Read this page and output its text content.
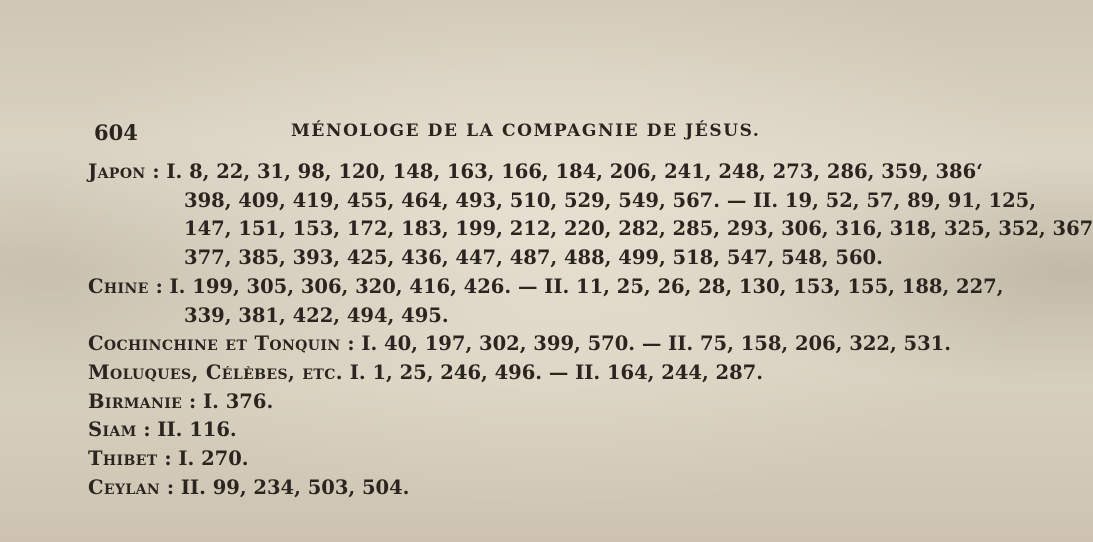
604	MÉNOLOGE DE LA COMPAGNIE DE JÉSUS.
Japon : I. 8, 22, 31, 98, 120, 148, 163, 166, 184, 206, 241, 248, 273, 286, 359, 386‘
398, 409, 419, 455, 464, 493, 510, 529, 549, 567. — II. 19, 52, 57, 89, 91, 125,
147, 151, 153, 172, 183, 199, 212, 220, 282, 285, 293, 306, 316, 318, 325, 352, 367
377, 385, 393, 425, 436, 447, 487, 488, 499, 518, 547, 548, 560.
Chine : I. 199, 305, 306, 320, 416, 426. — II. 11, 25, 26, 28, 130, 153, 155, 188, 227,
339, 381, 422, 494, 495.
Cochinchine et Tonquin : I. 40, 197, 302, 399, 570. — II. 75, 158, 206, 322, 531.
Moluques, Célèbes, etc. I. 1, 25, 246, 496. — II. 164, 244, 287.
Birmanie : I. 376.
Siam : II. 116.
Thibet : I. 270.
Ceylan : II. 99, 234, 503, 504.
